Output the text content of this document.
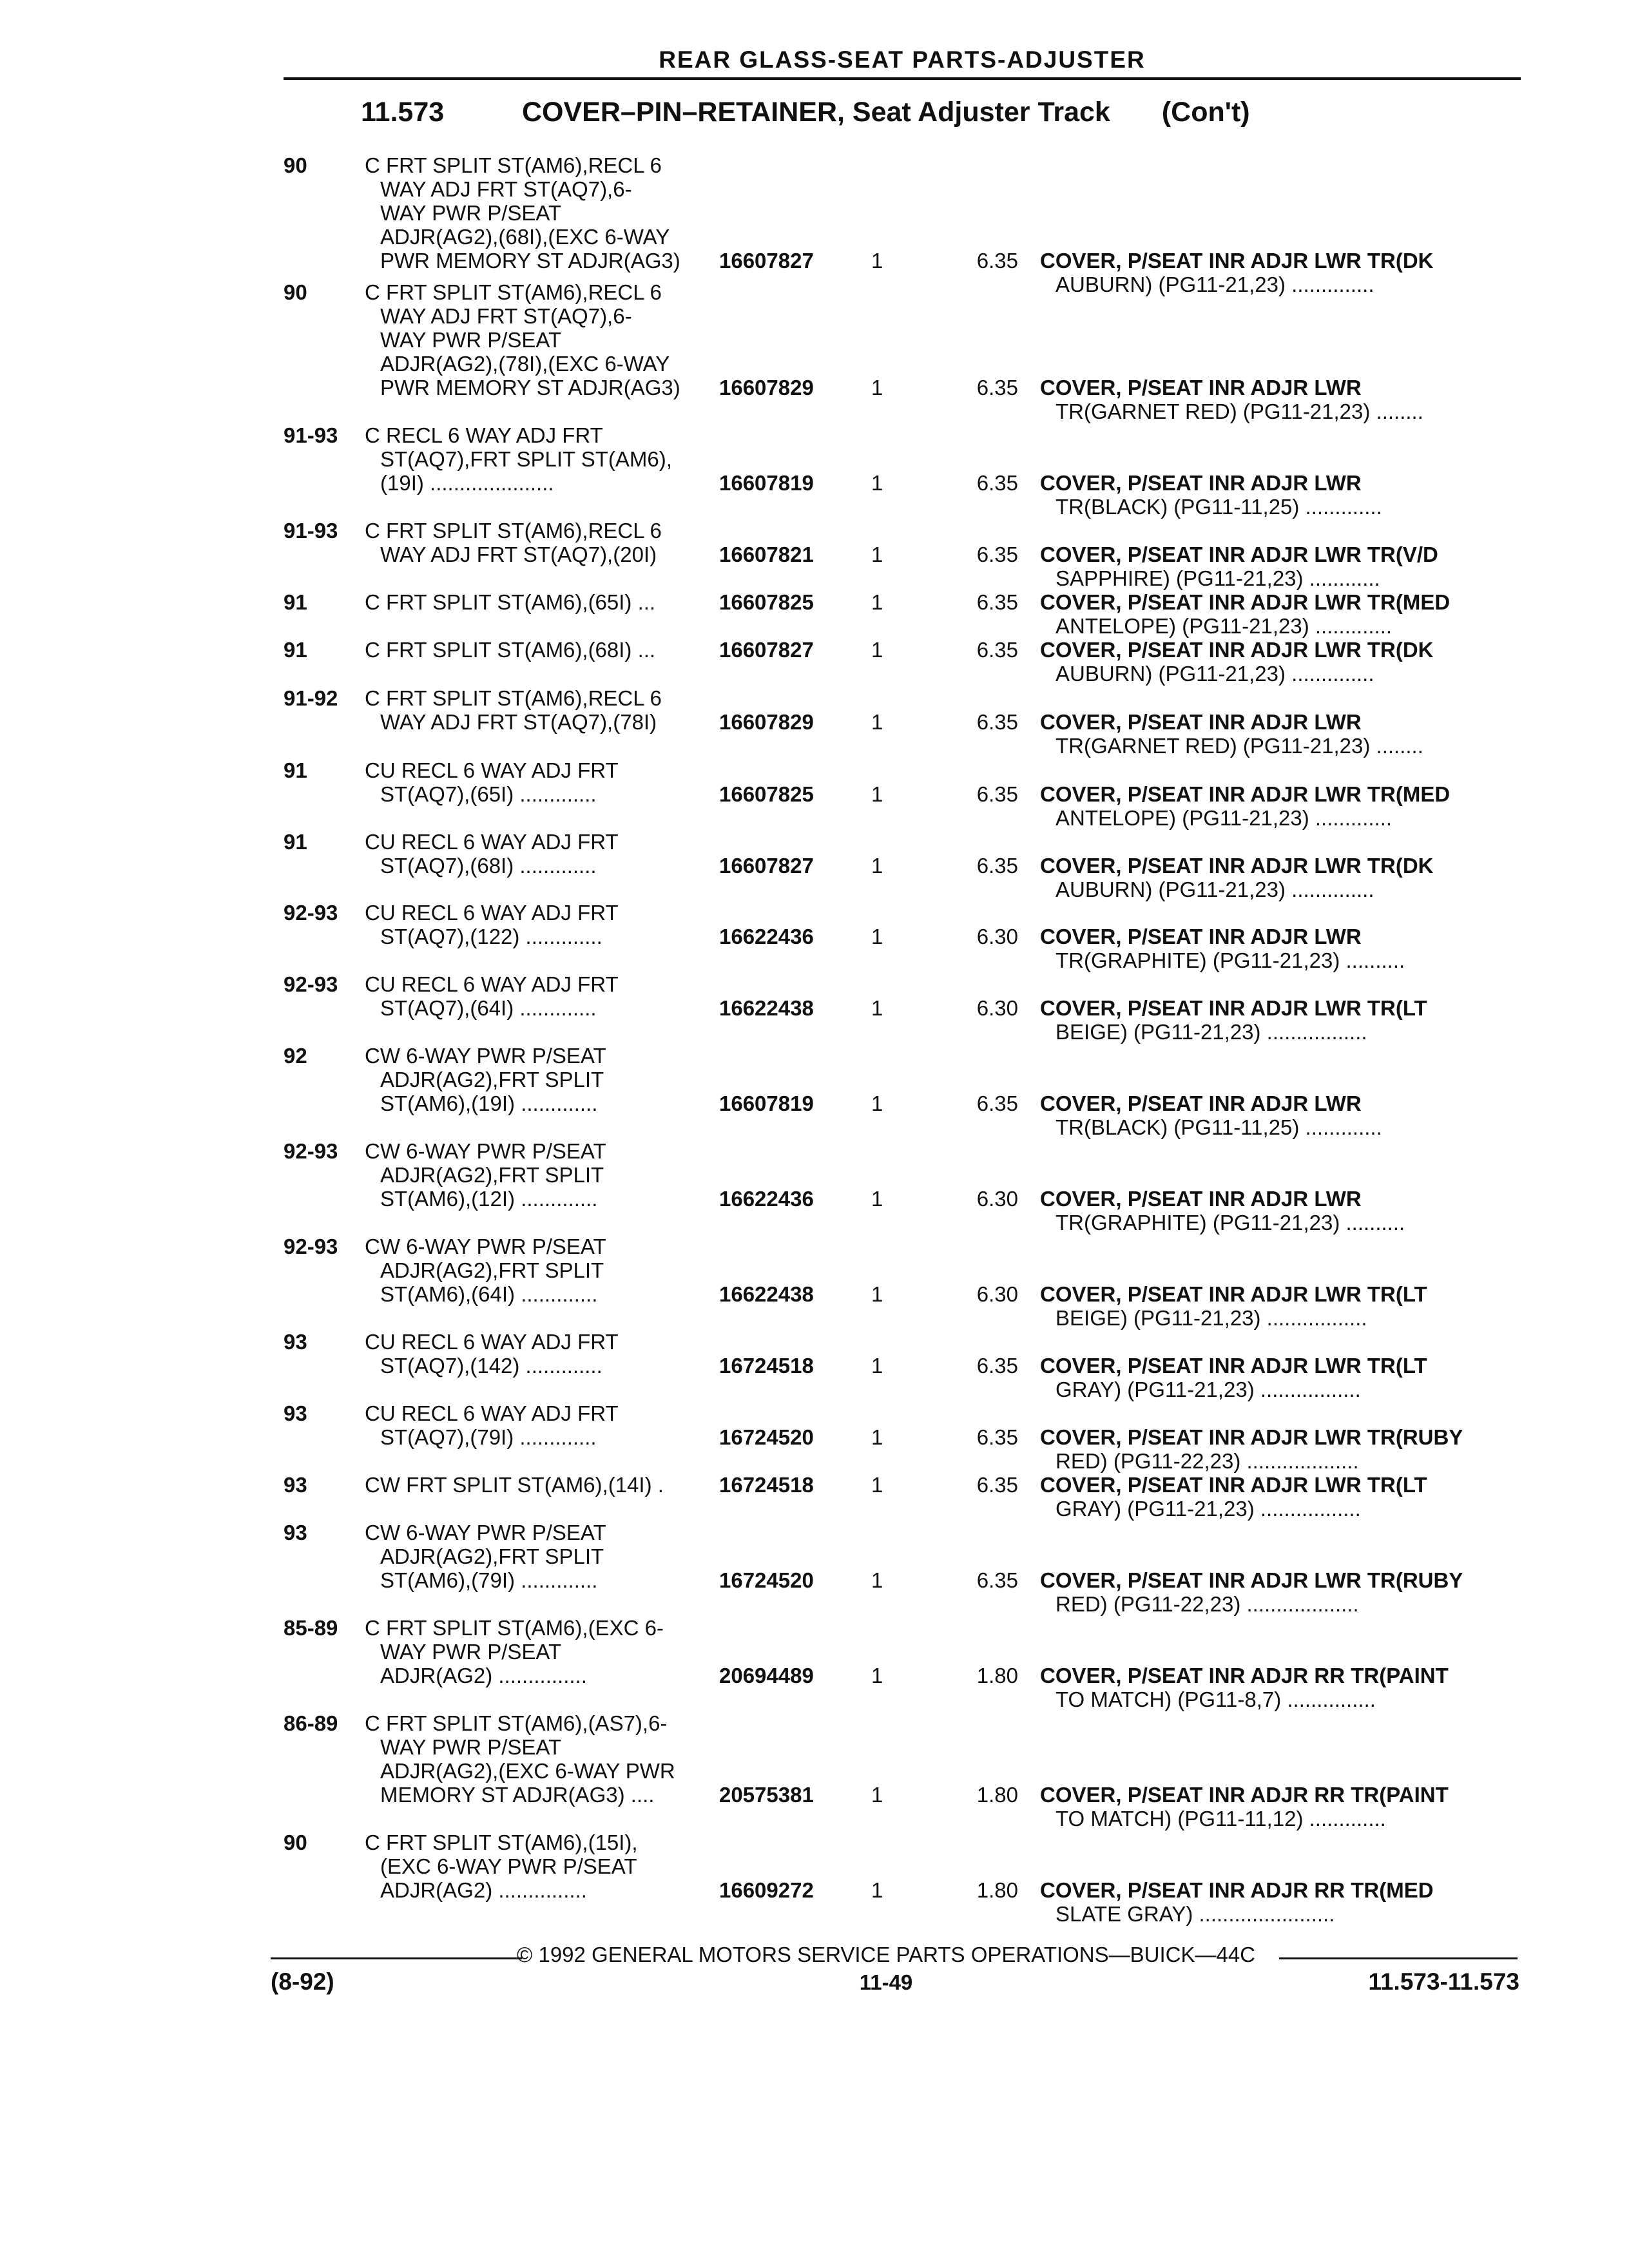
REAR GLASS-SEAT PARTS-ADJUSTER
11.573	COVER–PIN–RETAINER, Seat Adjuster Track (Con't)
90	C FRT SPLIT ST(AM6),RECL 6
WAY ADJ FRT ST(AQ7),6-
WAY PWR P/SEAT
ADJR(AG2),(68I),(EXC 6-WAY
PWR MEMORY ST ADJR(AG3)	16607827	1	6.35 COVER, P/SEAT INR ADJR LWR TR(DK
AUBURN) (PG11-21,23) ..............
90	C FRT SPLIT ST(AM6),RECL 6
WAY ADJ FRT ST(AQ7),6-
WAY PWR P/SEAT
ADJR(AG2),(78I),(EXC 6-WAY
PWR MEMORY ST ADJR(AG3)	16607829	1	6.35 COVER, P/SEAT INR ADJR LWR
TR(GARNET RED) (PG11-21,23) ........
91-93	C RECL 6 WAY ADJ FRT
ST(AQ7),FRT SPLIT ST(AM6),
(19I) .....................	16607819	1	6.35 COVER, P/SEAT INR ADJR LWR
TR(BLACK) (PG11-11,25) .............
91-93	C FRT SPLIT ST(AM6),RECL 6
WAY ADJ FRT ST(AQ7),(20I)	16607821	1	6.35 COVER, P/SEAT INR ADJR LWR TR(V/D
SAPPHIRE) (PG11-21,23) ............
91	C FRT SPLIT ST(AM6),(65I) ...	16607825	1	6.35 COVER, P/SEAT INR ADJR LWR TR(MED
ANTELOPE) (PG11-21,23) .............
91	C FRT SPLIT ST(AM6),(68I) ...	16607827	1	6.35 COVER, P/SEAT INR ADJR LWR TR(DK
AUBURN) (PG11-21,23) ..............
91-92	C FRT SPLIT ST(AM6),RECL 6
WAY ADJ FRT ST(AQ7),(78I)	16607829	1	6.35 COVER, P/SEAT INR ADJR LWR
TR(GARNET RED) (PG11-21,23) ........
91	CU RECL 6 WAY ADJ FRT
ST(AQ7),(65I) .............	16607825	1	6.35 COVER, P/SEAT INR ADJR LWR TR(MED
ANTELOPE) (PG11-21,23) .............
91	CU RECL 6 WAY ADJ FRT
ST(AQ7),(68I) .............	16607827	1	6.35 COVER, P/SEAT INR ADJR LWR TR(DK
AUBURN) (PG11-21,23) ..............
92-93	CU RECL 6 WAY ADJ FRT
ST(AQ7),(122) .............	16622436	1	6.30 COVER, P/SEAT INR ADJR LWR
TR(GRAPHITE) (PG11-21,23) ..........
92-93	CU RECL 6 WAY ADJ FRT
ST(AQ7),(64I) .............	16622438	1	6.30 COVER, P/SEAT INR ADJR LWR TR(LT
BEIGE) (PG11-21,23) .................
92	CW 6-WAY PWR P/SEAT
ADJR(AG2),FRT SPLIT
ST(AM6),(19I) .............	16607819	1	6.35 COVER, P/SEAT INR ADJR LWR
TR(BLACK) (PG11-11,25) .............
92-93	CW 6-WAY PWR P/SEAT
ADJR(AG2),FRT SPLIT
ST(AM6),(12I) .............	16622436	1	6.30 COVER, P/SEAT INR ADJR LWR
TR(GRAPHITE) (PG11-21,23) ..........
92-93	CW 6-WAY PWR P/SEAT
ADJR(AG2),FRT SPLIT
ST(AM6),(64I) .............	16622438	1	6.30 COVER, P/SEAT INR ADJR LWR TR(LT
BEIGE) (PG11-21,23) .................
93	CU RECL 6 WAY ADJ FRT
ST(AQ7),(142) .............	16724518	1	6.35 COVER, P/SEAT INR ADJR LWR TR(LT
GRAY) (PG11-21,23) .................
93	CU RECL 6 WAY ADJ FRT
ST(AQ7),(79I) .............	16724520	1	6.35 COVER, P/SEAT INR ADJR LWR TR(RUBY
RED) (PG11-22,23) ...................
93	CW FRT SPLIT ST(AM6),(14I) .	16724518	1	6.35 COVER, P/SEAT INR ADJR LWR TR(LT
GRAY) (PG11-21,23) .................
93	CW 6-WAY PWR P/SEAT
ADJR(AG2),FRT SPLIT
ST(AM6),(79I) .............	16724520	1	6.35 COVER, P/SEAT INR ADJR LWR TR(RUBY
RED) (PG11-22,23) ...................
85-89	C FRT SPLIT ST(AM6),(EXC 6-
WAY PWR P/SEAT
ADJR(AG2) ...............	20694489	1	1.80 COVER, P/SEAT INR ADJR RR TR(PAINT
TO MATCH) (PG11-8,7) ...............
86-89	C FRT SPLIT ST(AM6),(AS7),6-
WAY PWR P/SEAT
ADJR(AG2),(EXC 6-WAY PWR
MEMORY ST ADJR(AG3) ....	20575381	1	1.80 COVER, P/SEAT INR ADJR RR TR(PAINT
TO MATCH) (PG11-11,12) .............
90	C FRT SPLIT ST(AM6),(15I),
(EXC 6-WAY PWR P/SEAT
ADJR(AG2) ...............	16609272	1	1.80 COVER, P/SEAT INR ADJR RR TR(MED
SLATE GRAY) .......................
© 1992 GENERAL MOTORS SERVICE PARTS OPERATIONS—BUICK—44C
(8-92)	11-49	11.573-11.573
